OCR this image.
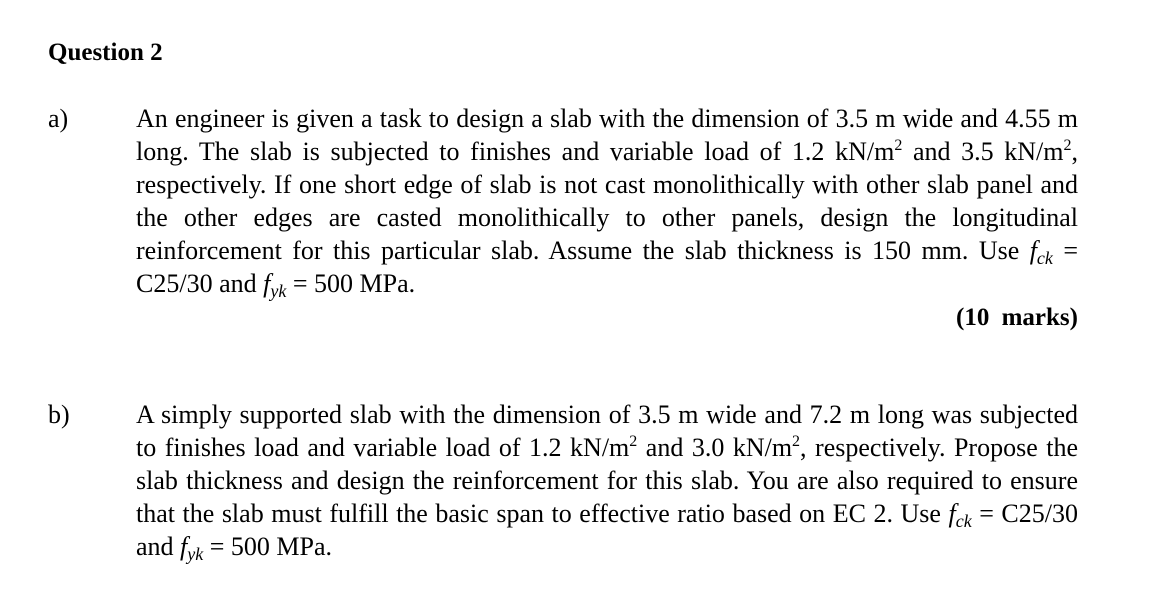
Question 2
a)	An engineer is given a task to design a slab with the dimension of 3.5 m wide and 4.55 m long. The slab is subjected to finishes and variable load of 1.2 $kN/m^2$ and 3.5 $kN/m^2$, respectively. If one short edge of slab is not cast monolithically with other slab panel and the other edges are casted monolithically to other panels, design the longitudinal reinforcement for this particular slab. Assume the slab thickness is 150 mm. Use $f_{ck} = C25/30$ and $f_{yk} = 500$ MPa.
(10 marks)
b)	A simply supported slab with the dimension of 3.5 m wide and 7.2 m long was subjected to finishes load and variable load of 1.2 $kN/m^2$ and 3.0 $kN/m^2$, respectively. Propose the slab thickness and design the reinforcement for this slab. You are also required to ensure that the slab must fulfill the basic span to effective ratio based on EC 2. Use $f_{ck} = C25/30$ and $f_{yk} = 500$ MPa.
